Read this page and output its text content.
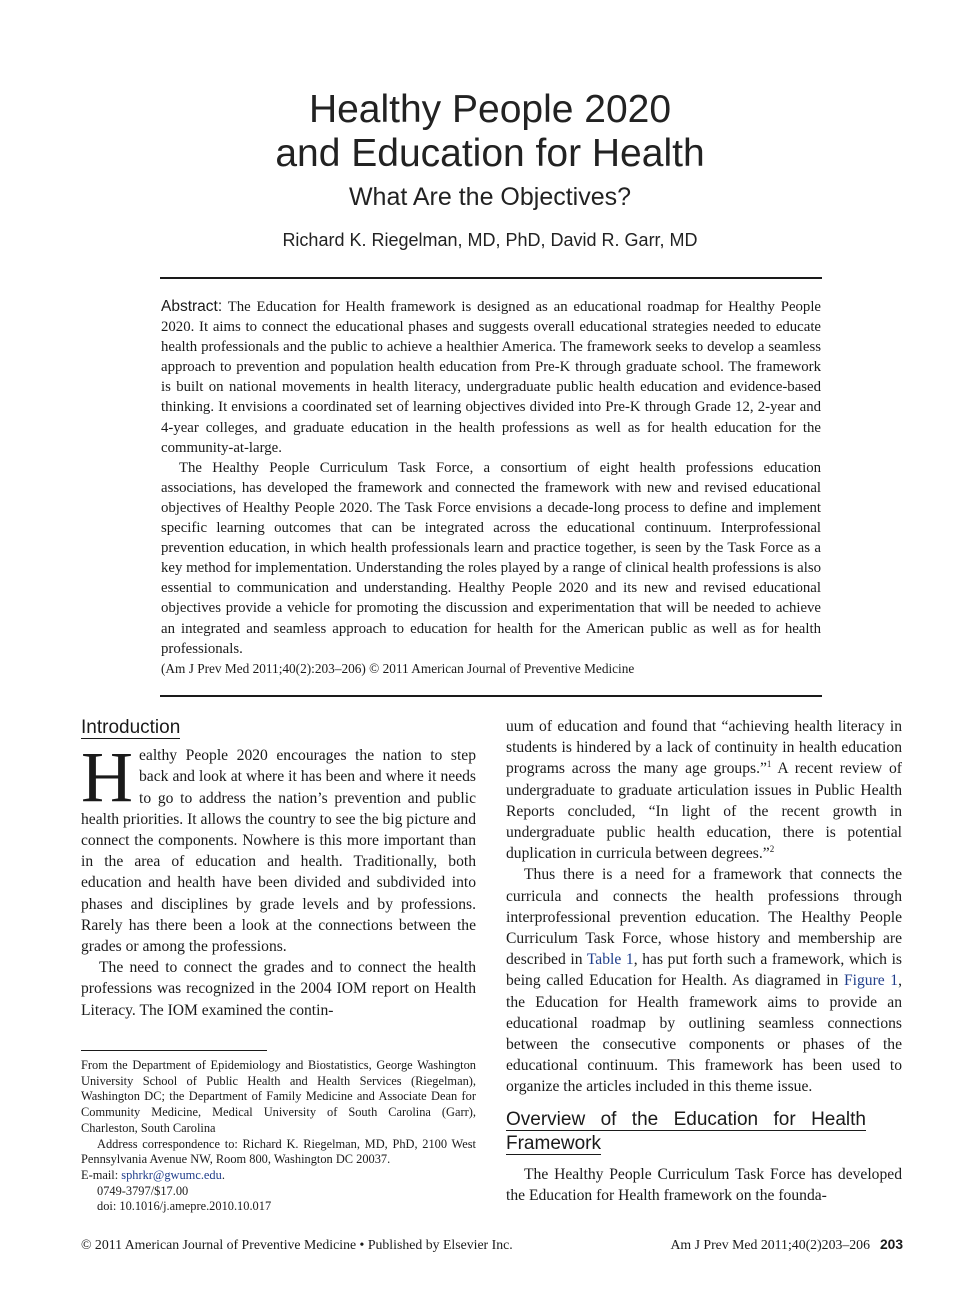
Healthy People 2020
and Education for Health
What Are the Objectives?
Richard K. Riegelman, MD, PhD, David R. Garr, MD

Abstract: The Education for Health framework is designed as an educational roadmap for Healthy People 2020. It aims to connect the educational phases and suggests overall educational strategies needed to educate health professionals and the public to achieve a healthier America. The framework seeks to develop a seamless approach to prevention and population health education from Pre-K through graduate school. The framework is built on national movements in health literacy, undergraduate public health education and evidence-based thinking. It envisions a coordinated set of learning objectives divided into Pre-K through Grade 12, 2-year and 4-year colleges, and graduate education in the health professions as well as for health education for the community-at-large.

The Healthy People Curriculum Task Force, a consortium of eight health professions education associations, has developed the framework and connected the framework with new and revised educational objectives of Healthy People 2020. The Task Force envisions a decade-long process to define and implement specific learning outcomes that can be integrated across the educational continuum. Interprofessional prevention education, in which health professionals learn and practice together, is seen by the Task Force as a key method for implementation. Understanding the roles played by a range of clinical health professions is also essential to communication and understanding. Healthy People 2020 and its new and revised educational objectives provide a vehicle for promoting the discussion and experimentation that will be needed to achieve an integrated and seamless approach to education for health for the American public as well as for health professionals.

(Am J Prev Med 2011;40(2):203–206) © 2011 American Journal of Preventive Medicine

Introduction

Healthy People 2020 encourages the nation to step back and look at where it has been and where it needs to go to address the nation’s prevention and public health priorities. It allows the country to see the big picture and connect the components. Nowhere is this more important than in the area of education and health. Traditionally, both education and health have been divided and subdivided into phases and disciplines by grade levels and by professions. Rarely has there been a look at the connections between the grades or among the professions.

The need to connect the grades and to connect the health professions was recognized in the 2004 IOM report on Health Literacy. The IOM examined the contin-

uum of education and found that “achieving health literacy in students is hindered by a lack of continuity in health education programs across the many age groups.”$^1$ A recent review of undergraduate to graduate articulation issues in Public Health Reports concluded, “In light of the recent growth in undergraduate public health education, there is potential duplication in curricula between degrees.”$^2$

Thus there is a need for a framework that connects the curricula and connects the health professions through interprofessional prevention education. The Healthy People Curriculum Task Force, whose history and membership are described in Table 1, has put forth such a framework, which is being called Education for Health. As diagramed in Figure 1, the Education for Health framework aims to provide an educational roadmap by outlining seamless connections between the consecutive components or phases of the educational continuum. This framework has been used to organize the articles included in this theme issue.

Overview of the Education for Health Framework

The Healthy People Curriculum Task Force has developed the Education for Health framework on the founda-

From the Department of Epidemiology and Biostatistics, George Washington University School of Public Health and Health Services (Riegelman), Washington DC; the Department of Family Medicine and Associate Dean for Community Medicine, Medical University of South Carolina (Garr), Charleston, South Carolina

Address correspondence to: Richard K. Riegelman, MD, PhD, 2100 West Pennsylvania Avenue NW, Room 800, Washington DC 20037.

E-mail: sphrkr@gwumc.edu.

0749-3797/$17.00

doi: 10.1016/j.amepre.2010.10.017

© 2011 American Journal of Preventive Medicine • Published by Elsevier Inc.	Am J Prev Med 2011;40(2)203–206 203
